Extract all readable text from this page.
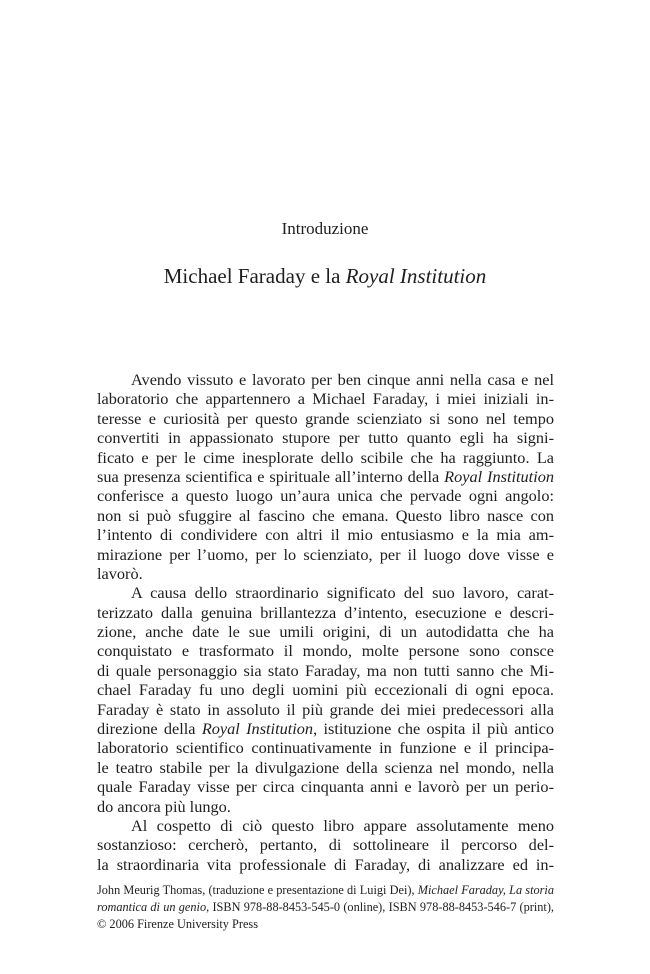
Introduzione
Michael Faraday e la Royal Institution
Avendo vissuto e lavorato per ben cinque anni nella casa e nel
laboratorio che appartennero a Michael Faraday, i miei iniziali in-
teresse e curiosità per questo grande scienziato si sono nel tempo
convertiti in appassionato stupore per tutto quanto egli ha signi-
ficato e per le cime inesplorate dello scibile che ha raggiunto. La
sua presenza scientifica e spirituale all’interno della Royal Institution
conferisce a questo luogo un’aura unica che pervade ogni angolo:
non si può sfuggire al fascino che emana. Questo libro nasce con
l’intento di condividere con altri il mio entusiasmo e la mia am-
mirazione per l’uomo, per lo scienziato, per il luogo dove visse e
lavorò.
A causa dello straordinario significato del suo lavoro, carat-
terizzato dalla genuina brillantezza d’intento, esecuzione e descri-
zione, anche date le sue umili origini, di un autodidatta che ha
conquistato e trasformato il mondo, molte persone sono consce
di quale personaggio sia stato Faraday, ma non tutti sanno che Mi-
chael Faraday fu uno degli uomini più eccezionali di ogni epoca.
Faraday è stato in assoluto il più grande dei miei predecessori alla
direzione della Royal Institution, istituzione che ospita il più antico
laboratorio scientifico continuativamente in funzione e il principa-
le teatro stabile per la divulgazione della scienza nel mondo, nella
quale Faraday visse per circa cinquanta anni e lavorò per un perio-
do ancora più lungo.
Al cospetto di ciò questo libro appare assolutamente meno
sostanzioso: cercherò, pertanto, di sottolineare il percorso del-
la straordinaria vita professionale di Faraday, di analizzare ed in-
John Meurig Thomas, (traduzione e presentazione di Luigi Dei), Michael Faraday, La storia
romantica di un genio, ISBN 978-88-8453-545-0 (online), ISBN 978-88-8453-546-7 (print),
© 2006 Firenze University Press
